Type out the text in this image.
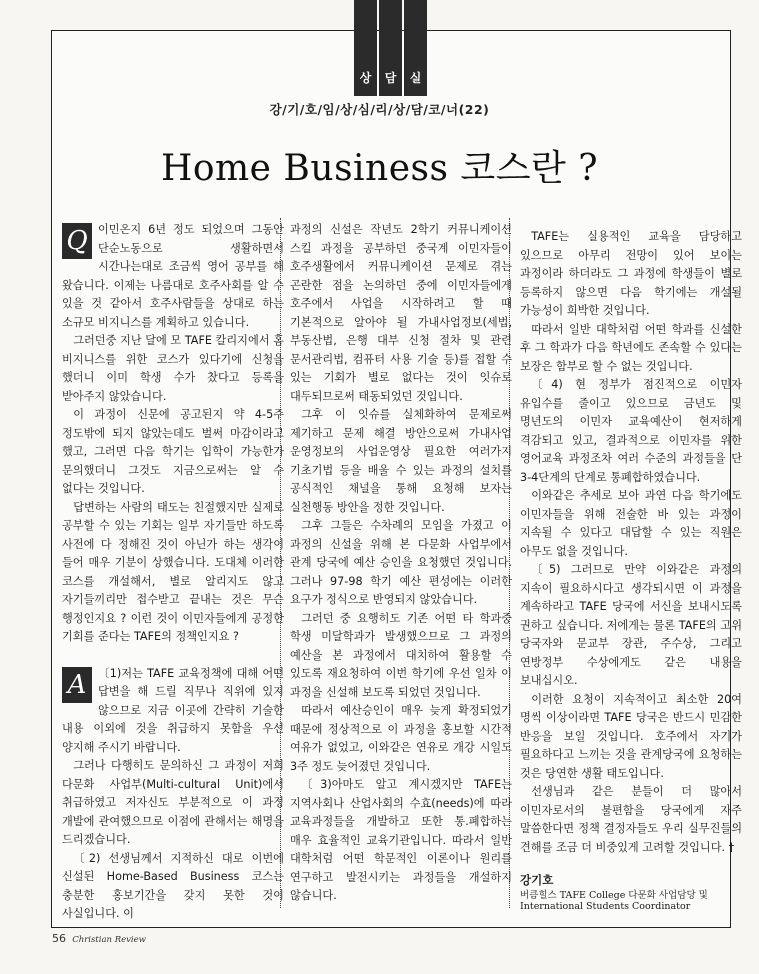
상	담	실
강/기/호/임/상/심/리/상/담/코/너(22)
Home Business 코스란 ?

Q 이민온지 6년 정도 되었으며 그동안 단순노동으로 생활하면서 시간나는대로 조금씩 영어 공부를 해 왔습니다. 이제는 나름대로 호주사회를 알 수 있을 것 같아서 호주사람들을 상대로 하는 소규모 비지니스를 계획하고 있습니다.

그러던중 지난 달에 모 TAFE 칼리지에서 홈 비지니스를 위한 코스가 있다기에 신청을 했더니 이미 학생 수가 찼다고 등록을 받아주지 않았습니다.

이 과정이 신문에 공고된지 약 4-5주 정도밖에 되지 않았는데도 벌써 마감이라고 했고, 그러면 다음 학기는 입학이 가능한가 문의했더니 그것도 지금으로써는 알 수 없다는 것입니다.

답변하는 사람의 태도는 친절했지만 실제로 공부할 수 있는 기회는 일부 자기들만 하도록 사전에 다 정해진 것이 아닌가 하는 생각이 들어 매우 기분이 상했습니다. 도대체 이러한 코스를 개설해서, 별로 알리지도 않고 자기들끼리만 접수받고 끝내는 것은 무슨 행정인지요 ? 이런 것이 이민자들에게 공정한 기회를 준다는 TAFE의 정책인지요 ?

A	〔1)저는 TAFE 교육정책에 대해 어떤 답변을 해 드릴 직무나 직위에 있지 않으므로 지금 이곳에 간략히 기술한 내용 이외에 것을 취급하지 못함을 우선 양지해 주시기 바랍니다.

그러나 다행히도 문의하신 그 과정이 저희 다문화 사업부(Multi-cultural Unit)에서 취급하였고 저자신도 부분적으로 이 과정 개발에 관여했으므로 이점에 관해서는 해명을 드리겠습니다.

〔2) 선생님께서 지적하신 대로 이번에 신설된 Home-Based Business 코스는 충분한 홍보기간을 갖지 못한 것이 사실입니다. 이

과정의 신설은 작년도 2학기 커뮤니케이션 스킬 과정을 공부하던 중국계 이민자들이 호주생활에서 커뮤니케이션 문제로 겪는 곤란한 점을 논의하던 중에 이민자들에게 호주에서 사업을 시작하려고 할 때 기본적으로 알아야 될 가내사업정보(세법, 부동산법, 은행 대부 신청 절차 및 관련 문서관리법, 컴퓨터 사용 기술 등)를 접할 수 있는 기회가 별로 없다는 것이 잇슈로 대두되므로써 태동되었던 것입니다.

그후 이 잇슈를 실체화하여 문제로써 제기하고 문제 해결 방안으로써 가내사업 운영정보의 사업운영상 필요한 여러가지 기초기법 등을 배울 수 있는 과정의 설치를 공식적인 채널을 통해 요청해 보자는 실천행동 방안을 정한 것입니다.

그후 그들은 수차례의 모임을 가졌고 이 과정의 신설을 위해 본 다문화 사업부에서 관계 당국에 예산 승인을 요청했던 것입니다. 그러나 97-98 학기 예산 편성에는 이러한 요구가 정식으로 반영되지 않았습니다.

그러던 중 요행히도 기존 어떤 타 학과중 학생 미달학과가 발생했으므로 그 과정의 예산을 본 과정에서 대치하여 활용할 수 있도록 재요청하여 이번 학기에 우선 일차 이 과정을 신설해 보도록 되었던 것입니다.

따라서 예산승인이 매우 늦게 확정되었기 때문에 정상적으로 이 과정을 홍보할 시간적 여유가 없었고, 이와같은 연유로 개강 시일도 3주 정도 늦어졌던 것입니다.

〔3)아마도 알고 계시겠지만 TAFE는 지역사회나 산업사회의 수효(needs)에 따라 교육과정들을 개발하고 또한 통.폐합하는 매우 효율적인 교육기관입니다. 따라서 일반 대학처럼 어떤 학문적인 이론이나 원리를 연구하고 발전시키는 과정들을 개설하지 않습니다.

TAFE는 실용적인 교육을 담당하고 있으므로 아무리 전망이 있어 보이는 과정이라 하더라도 그 과정에 학생들이 별로 등록하지 않으면 다음 학기에는 개설될 가능성이 희박한 것입니다.

따라서 일반 대학처럼 어떤 학과를 신설한 후 그 학과가 다음 학년에도 존속할 수 있다는 보장은 함부로 할 수 없는 것입니다.

〔4) 현 정부가 점진적으로 이민자 유입수를 줄이고 있으므로 금년도 및 명년도의 이민자 교육예산이 현저하게 격감되고 있고, 결과적으로 이민자를 위한 영어교육 과정조차 여러 수준의 과정들을 단 3-4단계의 단계로 통폐합하였습니다.

이와같은 추세로 보아 과연 다음 학기에도 이민자들을 위해 전술한 바 있는 과정이 지속될 수 있다고 대답할 수 있는 직원은 아무도 없을 것입니다.

〔5) 그러므로 만약 이와같은 과정의 지속이 필요하시다고 생각되시면 이 과정을 계속하라고 TAFE 당국에 서신을 보내시도록 권하고 싶습니다. 저에게는 물론 TAFE의 고위 당국자와 문교부 장관, 주수상, 그리고 연방정부 수상에게도 같은 내용을 보내십시오.

이러한 요청이 지속적이고 최소한 20여 명씩 이상이라면 TAFE 당국은 반드시 민감한 반응을 보일 것입니다. 호주에서 자기가 필요하다고 느끼는 것을 관계당국에 요청하는 것은 당연한 생활 태도입니다.

선생님과 같은 분들이 더 많아서 이민자로서의 불편함을 당국에게 자주 말씀한다면 정책 결정자들도 우리 실무진들의 견해를 조금 더 비중있게 고려할 것입니다. †

강기호
버큼힐스 TAFE College 다문화 사업담당 및
International Students Coordinator
56 Christian Review
